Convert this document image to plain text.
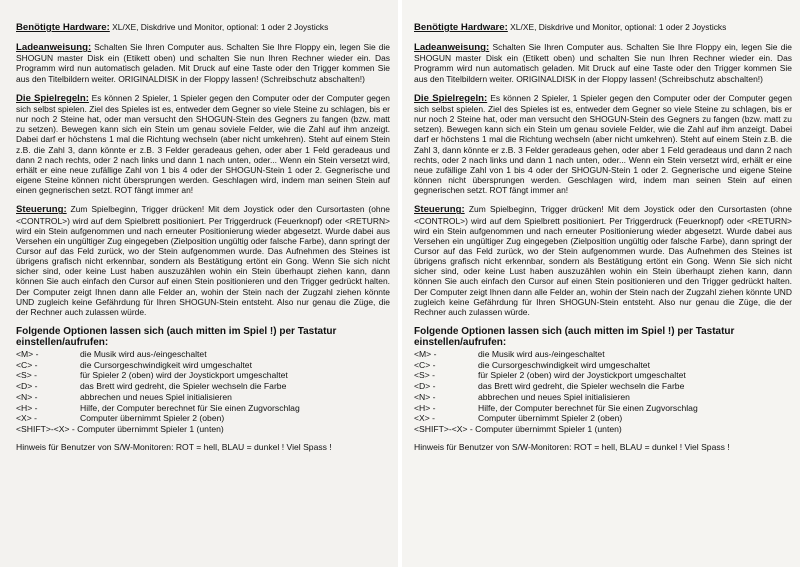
Benötigte Hardware: XL/XE, Diskdrive und Monitor, optional: 1 oder 2 Joysticks

Ladeanweisung: Schalten Sie Ihren Computer aus. Schalten Sie Ihre Floppy ein, legen Sie die SHOGUN master Disk ein (Etikett oben) und schalten Sie nun Ihren Rechner wieder ein. Das Programm wird nun automatisch geladen. Mit Druck auf eine Taste oder den Trigger kommen Sie aus den Titelbildern weiter. ORIGINALDISK in der Floppy lassen! (Schreibschutz abschalten!)

Die Spielregeln: Es können 2 Spieler, 1 Spieler gegen den Computer oder der Computer gegen sich selbst spielen. Ziel des Spieles ist es, entweder dem Gegner so viele Steine zu schlagen, bis er nur noch 2 Steine hat, oder man versucht den SHOGUN-Stein des Gegners zu fangen (bzw. matt zu setzen). Bewegen kann sich ein Stein um genau soviele Felder, wie die Zahl auf ihm anzeigt. Dabei darf er höchstens 1 mal die Richtung wechseln (aber nicht umkehren). Steht auf einem Stein z.B. die Zahl 3, dann könnte er z.B. 3 Felder geradeaus gehen, oder aber 1 Feld geradeaus und dann 2 nach rechts, oder 2 nach links und dann 1 nach unten, oder... Wenn ein Stein versetzt wird, erhält er eine neue zufällige Zahl von 1 bis 4 oder der SHOGUN-Stein 1 oder 2. Gegnerische und eigene Steine können nicht übersprungen werden. Geschlagen wird, indem man seinen Stein auf einen gegnerischen setzt. ROT fängt immer an!

Steuerung: Zum Spielbeginn, Trigger drücken! Mit dem Joystick oder den Cursortasten (ohne <CONTROL>) wird auf dem Spielbrett positioniert. Per Triggerdruck (Feuerknopf) oder <RETURN> wird ein Stein aufgenommen und nach erneuter Positionierung wieder abgesetzt. Wurde dabei aus Versehen ein ungültiger Zug eingegeben (Zielposition ungültig oder falsche Farbe), dann springt der Cursor auf das Feld zurück, wo der Stein aufgenommen wurde. Das Aufnehmen des Steines ist übrigens grafisch nicht erkennbar, sondern als Bestätigung ertönt ein Gong. Wenn Sie sich nicht sicher sind, oder keine Lust haben auszuzählen wohin ein Stein überhaupt ziehen kann, dann können Sie auch einfach den Cursor auf einen Stein positionieren und den Trigger gedrückt halten. Der Computer zeigt Ihnen dann alle Felder an, wohin der Stein nach der Zugzahl ziehen könnte UND zugleich keine Gefährdung für Ihren SHOGUN-Stein entsteht. Also nur genau die Züge, die der Rechner auch zulassen würde.

Folgende Optionen lassen sich (auch mitten im Spiel !) per Tastatur einstellen/aufrufen:
<M> -	die Musik wird aus-/eingeschaltet
<C> -	die Cursorgeschwindigkeit wird umgeschaltet
<S> -	für Spieler 2 (oben) wird der Joystickport umgeschaltet
<D> -	das Brett wird gedreht, die Spieler wechseln die Farbe
<N> -	abbrechen und neues Spiel initialisieren
<H> -	Hilfe, der Computer berechnet für Sie einen Zugvorschlag
<X> -	Computer übernimmt Spieler 2 (oben)
<SHIFT>-<X> - Computer übernimmt Spieler 1 (unten)
Hinweis für Benutzer von S/W-Monitoren: ROT = hell, BLAU = dunkel ! Viel Spass !

Benötigte Hardware: XL/XE, Diskdrive und Monitor, optional: 1 oder 2 Joysticks

Ladeanweisung: Schalten Sie Ihren Computer aus. Schalten Sie Ihre Floppy ein, legen Sie die SHOGUN master Disk ein (Etikett oben) und schalten Sie nun Ihren Rechner wieder ein. Das Programm wird nun automatisch geladen. Mit Druck auf eine Taste oder den Trigger kommen Sie aus den Titelbildern weiter. ORIGINALDISK in der Floppy lassen! (Schreibschutz abschalten!)

Die Spielregeln: Es können 2 Spieler, 1 Spieler gegen den Computer oder der Computer gegen sich selbst spielen. Ziel des Spieles ist es, entweder dem Gegner so viele Steine zu schlagen, bis er nur noch 2 Steine hat, oder man versucht den SHOGUN-Stein des Gegners zu fangen (bzw. matt zu setzen). Bewegen kann sich ein Stein um genau soviele Felder, wie die Zahl auf ihm anzeigt. Dabei darf er höchstens 1 mal die Richtung wechseln (aber nicht umkehren). Steht auf einem Stein z.B. die Zahl 3, dann könnte er z.B. 3 Felder geradeaus gehen, oder aber 1 Feld geradeaus und dann 2 nach rechts, oder 2 nach links und dann 1 nach unten, oder... Wenn ein Stein versetzt wird, erhält er eine neue zufällige Zahl von 1 bis 4 oder der SHOGUN-Stein 1 oder 2. Gegnerische und eigene Steine können nicht übersprungen werden. Geschlagen wird, indem man seinen Stein auf einen gegnerischen setzt. ROT fängt immer an!

Steuerung: Zum Spielbeginn, Trigger drücken! Mit dem Joystick oder den Cursortasten (ohne <CONTROL>) wird auf dem Spielbrett positioniert. Per Triggerdruck (Feuerknopf) oder <RETURN> wird ein Stein aufgenommen und nach erneuter Positionierung wieder abgesetzt. Wurde dabei aus Versehen ein ungültiger Zug eingegeben (Zielposition ungültig oder falsche Farbe), dann springt der Cursor auf das Feld zurück, wo der Stein aufgenommen wurde. Das Aufnehmen des Steines ist übrigens grafisch nicht erkennbar, sondern als Bestätigung ertönt ein Gong. Wenn Sie sich nicht sicher sind, oder keine Lust haben auszuzählen wohin ein Stein überhaupt ziehen kann, dann können Sie auch einfach den Cursor auf einen Stein positionieren und den Trigger gedrückt halten. Der Computer zeigt Ihnen dann alle Felder an, wohin der Stein nach der Zugzahl ziehen könnte UND zugleich keine Gefährdung für Ihren SHOGUN-Stein entsteht. Also nur genau die Züge, die der Rechner auch zulassen würde.

Folgende Optionen lassen sich (auch mitten im Spiel !) per Tastatur einstellen/aufrufen:
<M> -	die Musik wird aus-/eingeschaltet
<C> -	die Cursorgeschwindigkeit wird umgeschaltet
<S> -	für Spieler 2 (oben) wird der Joystickport umgeschaltet
<D> -	das Brett wird gedreht, die Spieler wechseln die Farbe
<N> -	abbrechen und neues Spiel initialisieren
<H> -	Hilfe, der Computer berechnet für Sie einen Zugvorschlag
<X> -	Computer übernimmt Spieler 2 (oben)
<SHIFT>-<X> - Computer übernimmt Spieler 1 (unten)
Hinweis für Benutzer von S/W-Monitoren: ROT = hell, BLAU = dunkel ! Viel Spass !
